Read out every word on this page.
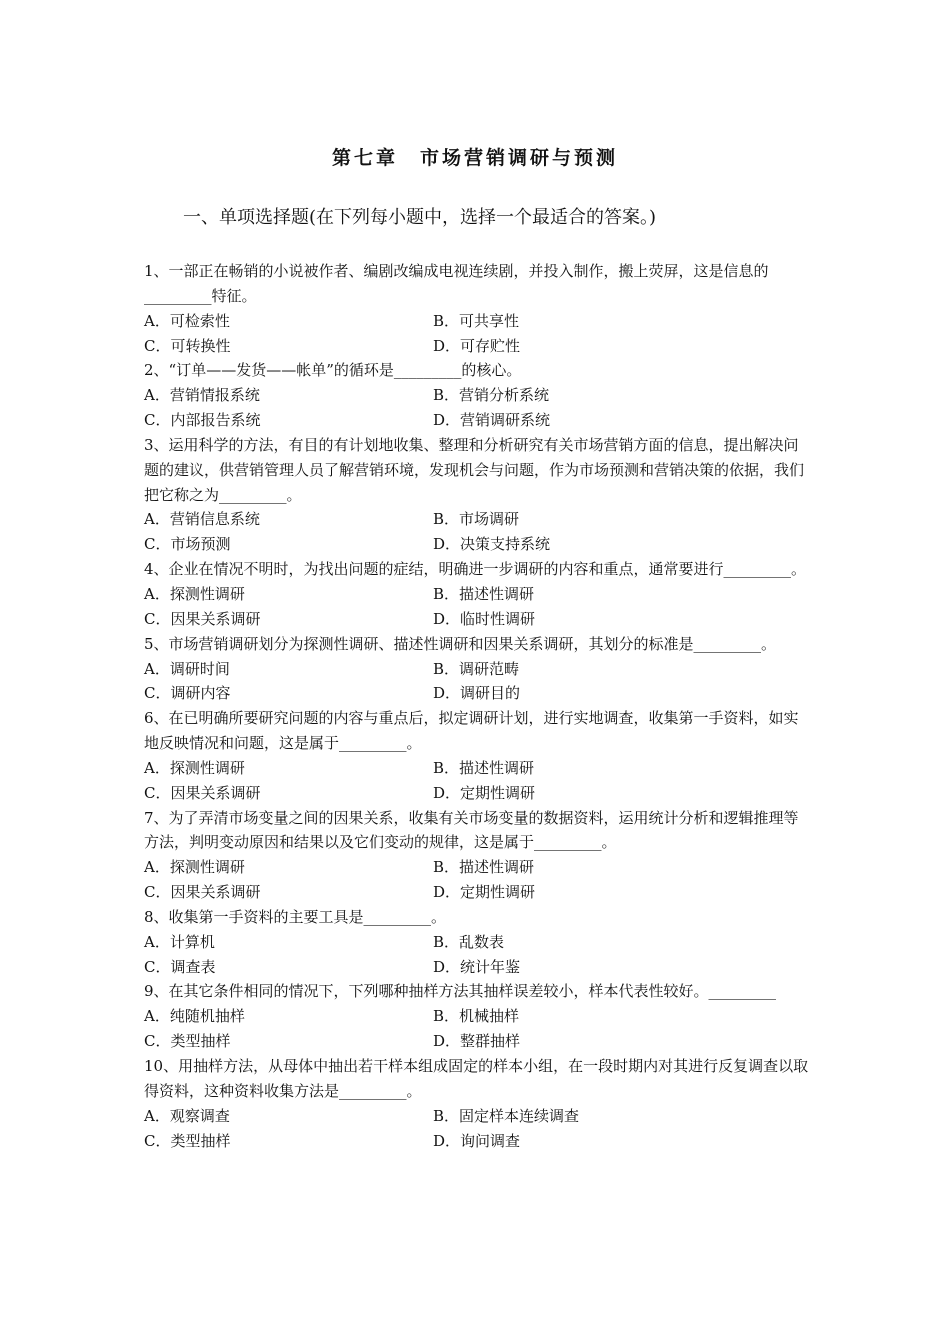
第七章　市场营销调研与预测
一、单项选择题(在下列每小题中，选择一个最适合的答案。)

1、一部正在畅销的小说被作者、编剧改编成电视连续剧，并投入制作，搬上荧屏，这是信息的_________特征。

A．可检索性	B．可共享性
C．可转换性	D．可存贮性

2、“订单——发货——帐单”的循环是_________的核心。

A．营销情报系统	B．营销分析系统
C．内部报告系统	D．营销调研系统

3、运用科学的方法，有目的有计划地收集、整理和分析研究有关市场营销方面的信息，提出解决问题的建议，供营销管理人员了解营销环境，发现机会与问题，作为市场预测和营销决策的依据，我们把它称之为_________。

A．营销信息系统	B．市场调研
C．市场预测	D．决策支持系统

4、企业在情况不明时，为找出问题的症结，明确进一步调研的内容和重点，通常要进行_________。

A．探测性调研	B．描述性调研
C．因果关系调研	D．临时性调研

5、市场营销调研划分为探测性调研、描述性调研和因果关系调研，其划分的标准是_________。

A．调研时间	B．调研范畴
C．调研内容	D．调研目的

6、在已明确所要研究问题的内容与重点后，拟定调研计划，进行实地调查，收集第一手资料，如实地反映情况和问题，这是属于_________。

A．探测性调研	B．描述性调研
C．因果关系调研	D．定期性调研

7、为了弄清市场变量之间的因果关系，收集有关市场变量的数据资料，运用统计分析和逻辑推理等方法，判明变动原因和结果以及它们变动的规律，这是属于_________。

A．探测性调研	B．描述性调研
C．因果关系调研	D．定期性调研

8、收集第一手资料的主要工具是_________。

A．计算机	B．乱数表
C．调查表	D．统计年鉴

9、在其它条件相同的情况下，下列哪种抽样方法其抽样误差较小，样本代表性较好。_________

A．纯随机抽样	B．机械抽样
C．类型抽样	D．整群抽样

10、用抽样方法，从母体中抽出若干样本组成固定的样本小组，在一段时期内对其进行反复调查以取得资料，这种资料收集方法是_________。

A．观察调查	B．固定样本连续调查
C．类型抽样	D．询问调查
